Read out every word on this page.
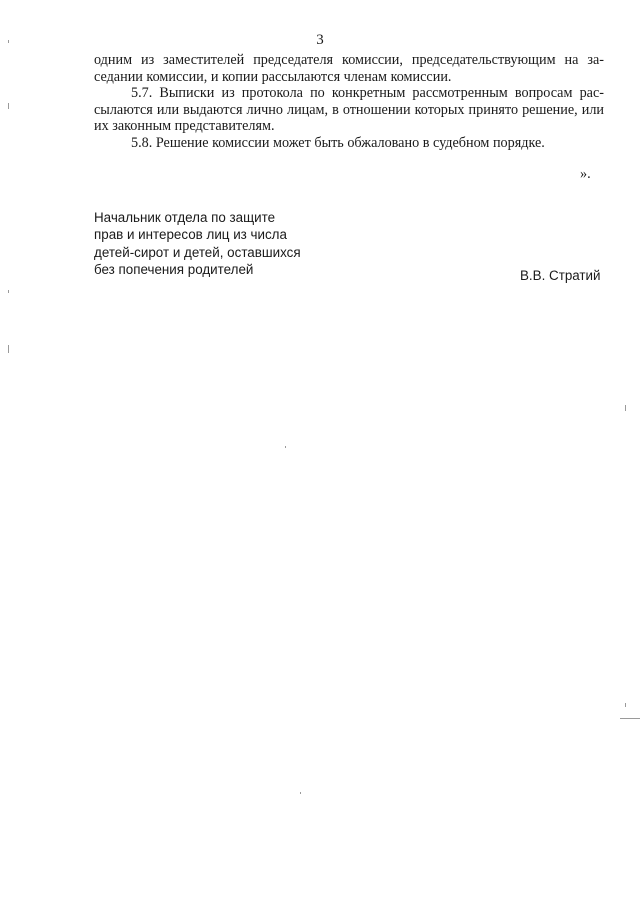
3

одним из заместителей председателя комиссии, председательствующим на заседании комиссии, и копии рассылаются членам комиссии.

5.7. Выписки из протокола по конкретным рассмотренным вопросам рассылаются или выдаются лично лицам, в отношении которых принято решение, или их законным представителям.

5.8. Решение комиссии может быть обжаловано в судебном порядке.

».
Начальник отдела по защите
прав и интересов лиц из числа
детей-сирот и детей, оставшихся
без попечения родителей	В.В. Стратий
